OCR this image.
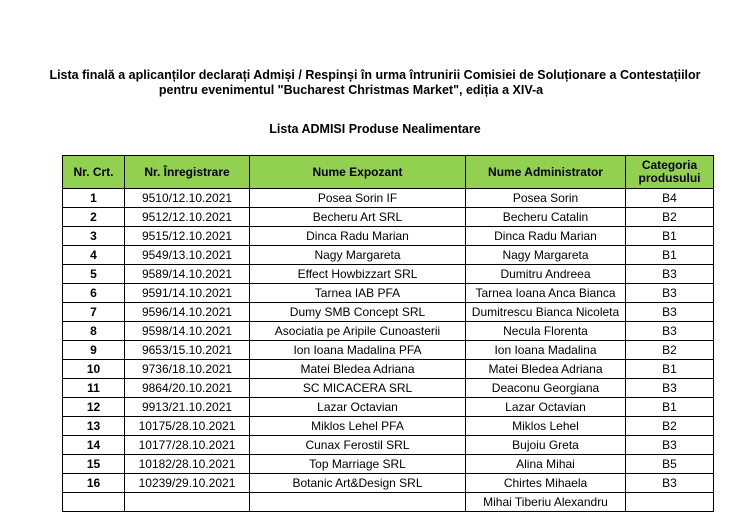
Lista finală a aplicanților declarați Admiși / Respinși în urma întrunirii Comisiei de Soluționare a Contestațiilor
pentru evenimentul "Bucharest Christmas Market", ediția a XIV-a
Lista ADMISI Produse Nealimentare
Nr. Crt.	Nr. Înregistrare	Nume Expozant	Nume Administrator	Categoria produsului
1	9510/12.10.2021	Posea Sorin IF	Posea Sorin	B4
2	9512/12.10.2021	Becheru Art SRL	Becheru Catalin	B2
3	9515/12.10.2021	Dinca Radu Marian	Dinca Radu Marian	B1
4	9549/13.10.2021	Nagy Margareta	Nagy Margareta	B1
5	9589/14.10.2021	Effect Howbizzart SRL	Dumitru Andreea	B3
6	9591/14.10.2021	Tarnea IAB PFA	Tarnea Ioana Anca Bianca	B3
7	9596/14.10.2021	Dumy SMB Concept SRL	Dumitrescu Bianca Nicoleta	B3
8	9598/14.10.2021	Asociatia pe Aripile Cunoasterii	Necula Florenta	B3
9	9653/15.10.2021	Ion Ioana Madalina PFA	Ion Ioana Madalina	B2
10	9736/18.10.2021	Matei Bledea Adriana	Matei Bledea Adriana	B1
11	9864/20.10.2021	SC MICACERA SRL	Deaconu Georgiana	B3
12	9913/21.10.2021	Lazar Octavian	Lazar Octavian	B1
13	10175/28.10.2021	Miklos Lehel PFA	Miklos Lehel	B2
14	10177/28.10.2021	Cunax Ferostil SRL	Bujoiu Greta	B3
15	10182/28.10.2021	Top Marriage SRL	Alina Mihai	B5
16	10239/29.10.2021	Botanic Art&Design SRL	Chirtes Mihaela	B3
			Mihai Tiberiu Alexandru	
